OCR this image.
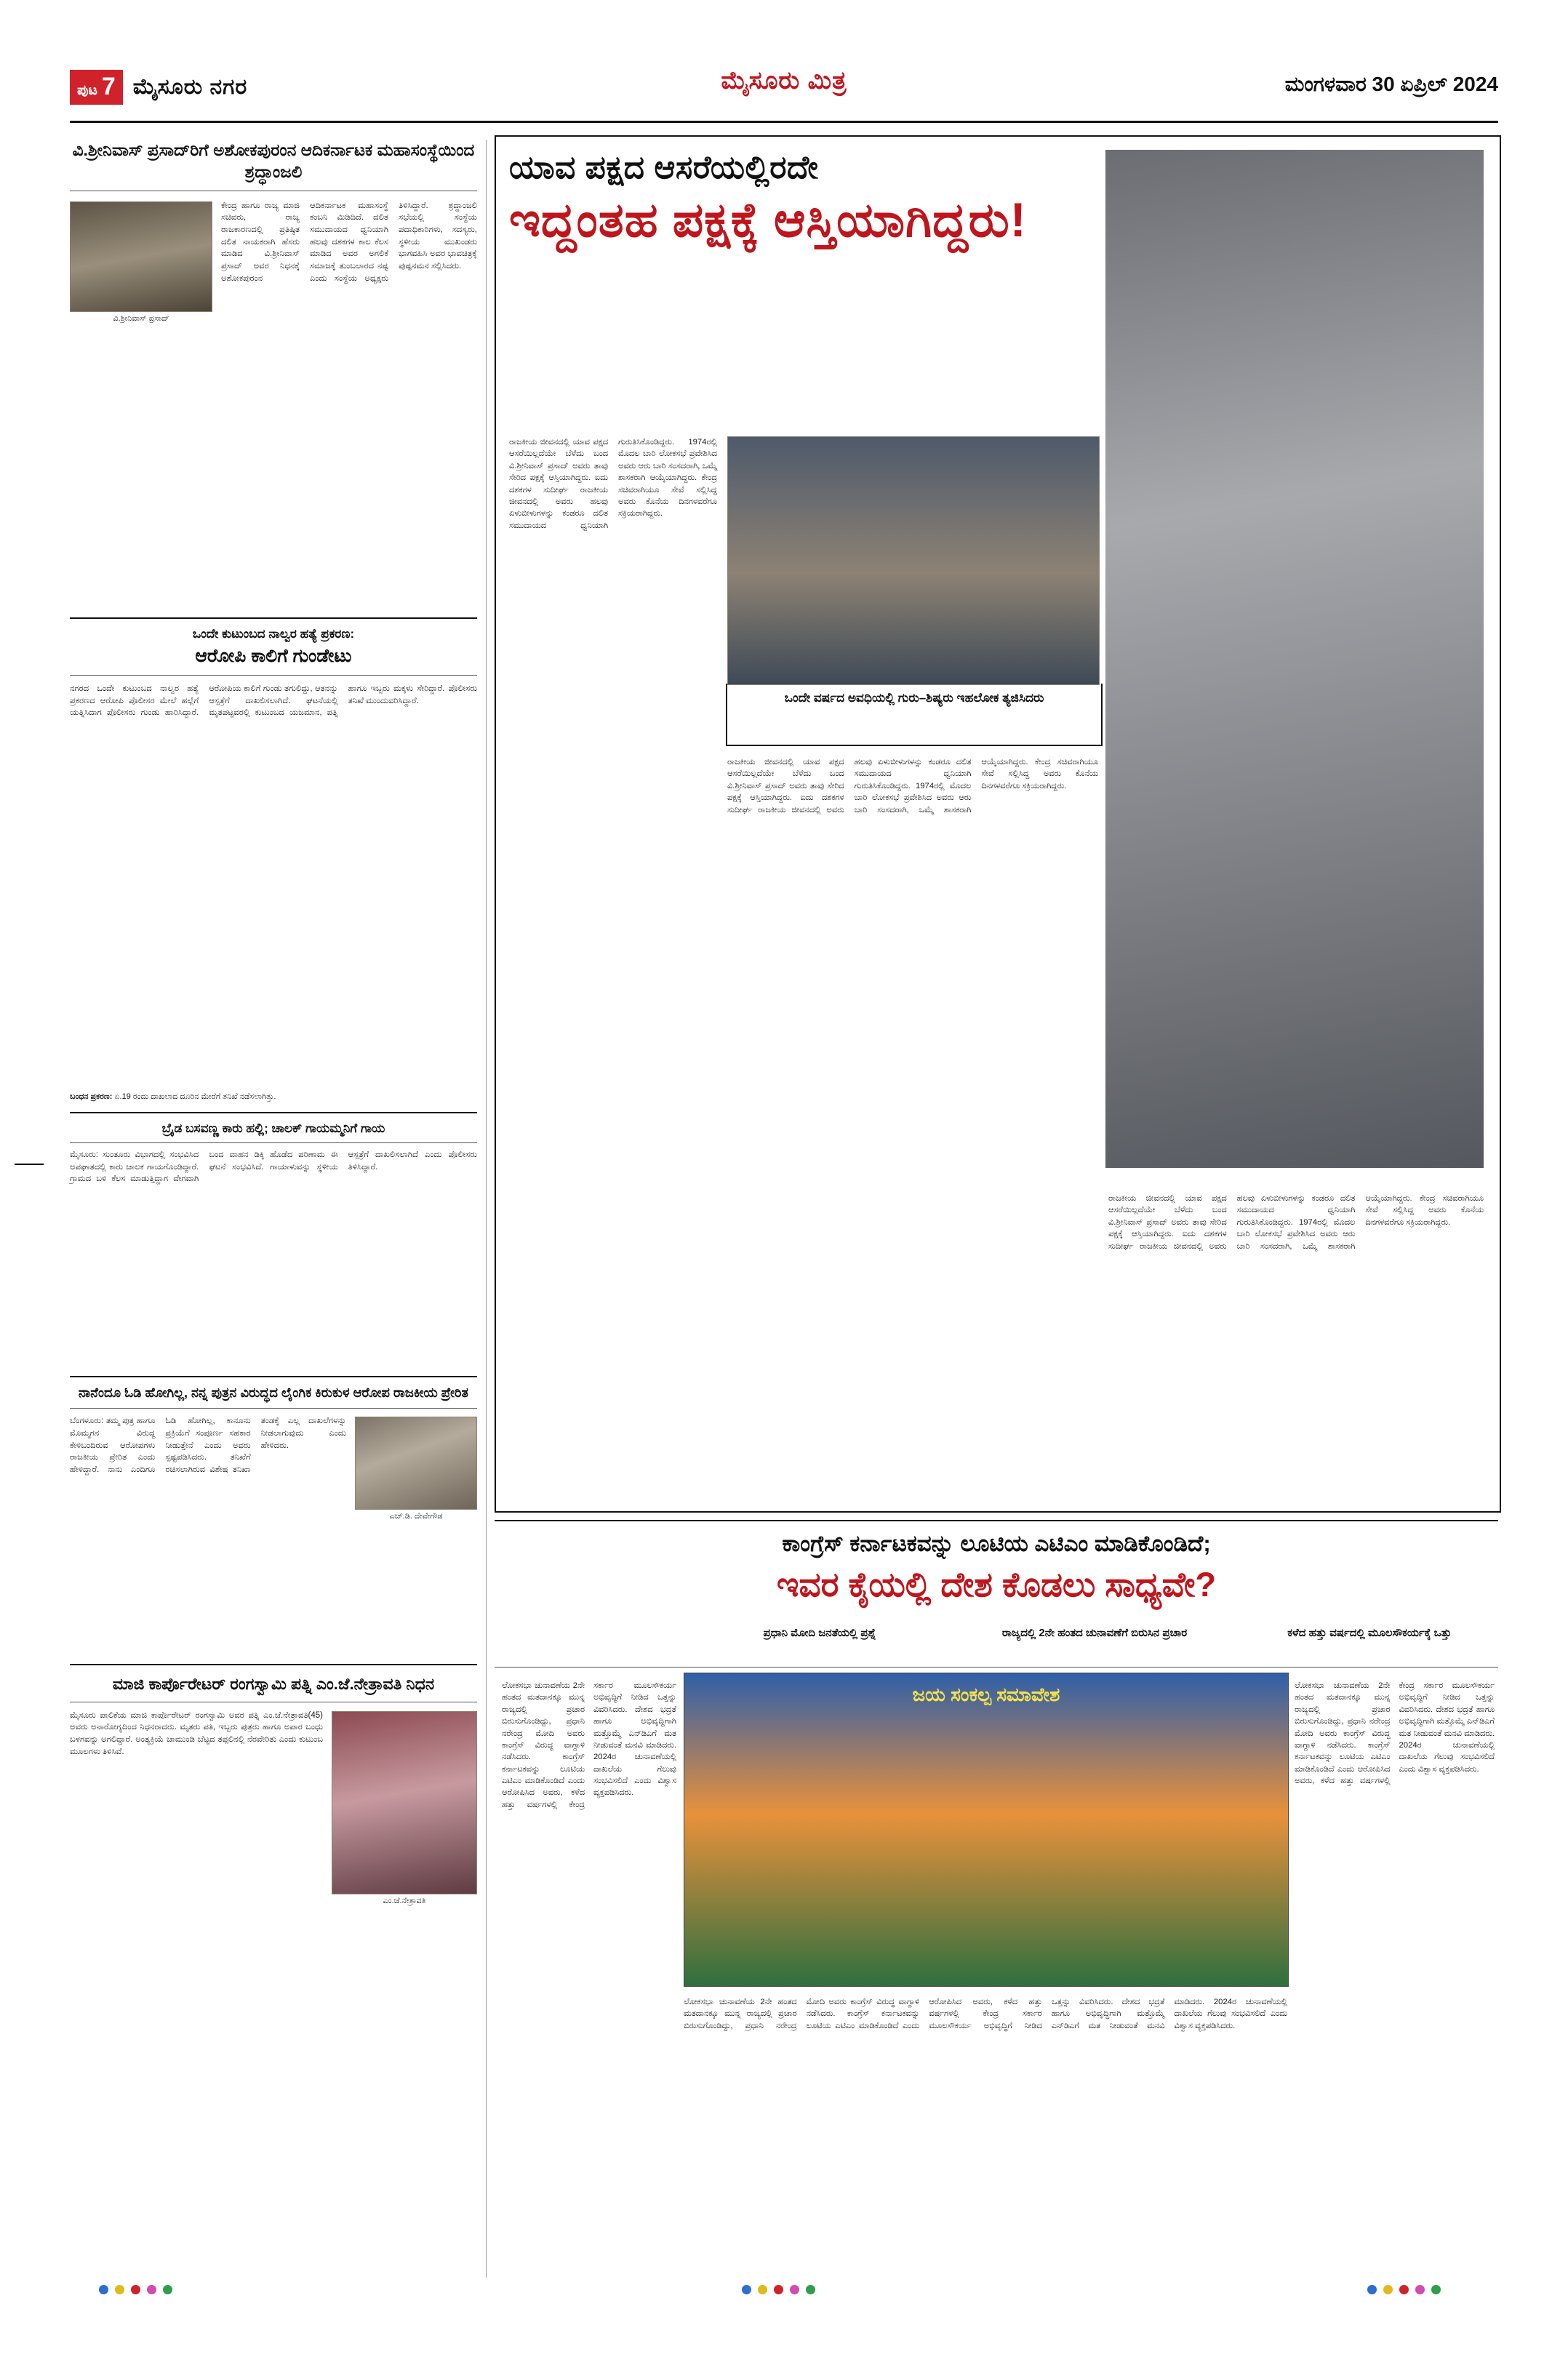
ಪುಟ 7 ಮೈಸೂರು ನಗರ	ಮೈಸೂರು ಮಿತ್ರ	ಮಂಗಳವಾರ 30 ಏಪ್ರಿಲ್ 2024
ವಿ.ಶ್ರೀನಿವಾಸ್ ಪ್ರಸಾದ್‌ರಿಗೆ ಅಶೋಕಪುರಂನ ಆದಿಕರ್ನಾಟಕ ಮಹಾಸಂಸ್ಥೆಯಿಂದ ಶ್ರದ್ಧಾಂಜಲಿ
ವಿ.ಶ್ರೀನಿವಾಸ್ ಪ್ರಸಾದ್
ಕೇಂದ್ರ ಹಾಗೂ ರಾಜ್ಯ ಮಾಜಿ ಸಚಿವರು, ರಾಜ್ಯ ರಾಜಕಾರಣದಲ್ಲಿ ಪ್ರತಿಷ್ಠಿತ ದಲಿತ ನಾಯಕರಾಗಿ ಹೆಸರು ಮಾಡಿದ ವಿ.ಶ್ರೀನಿವಾಸ್ ಪ್ರಸಾದ್ ಅವರ ನಿಧನಕ್ಕೆ ಅಶೋಕಪುರಂನ ಆದಿಕರ್ನಾಟಕ ಮಹಾಸಂಸ್ಥೆ ಕಂಬನಿ ಮಿಡಿದಿದೆ. ದಲಿತ ಸಮುದಾಯದ ಧ್ವನಿಯಾಗಿ ಹಲವು ದಶಕಗಳ ಕಾಲ ಕೆಲಸ ಮಾಡಿದ ಅವರ ಅಗಲಿಕೆ ಸಮಾಜಕ್ಕೆ ತುಂಬಲಾರದ ನಷ್ಟ ಎಂದು ಸಂಸ್ಥೆಯ ಅಧ್ಯಕ್ಷರು ತಿಳಿಸಿದ್ದಾರೆ. ಶ್ರದ್ಧಾಂಜಲಿ ಸಭೆಯಲ್ಲಿ ಸಂಸ್ಥೆಯ ಪದಾಧಿಕಾರಿಗಳು, ಸದಸ್ಯರು, ಸ್ಥಳೀಯ ಮುಖಂಡರು ಭಾಗವಹಿಸಿ ಅವರ ಭಾವಚಿತ್ರಕ್ಕೆ ಪುಷ್ಪನಮನ ಸಲ್ಲಿಸಿದರು.
ಒಂದೇ ಕುಟುಂಬದ ನಾಲ್ವರ ಹತ್ಯೆ ಪ್ರಕರಣ:
ಆರೋಪಿ ಕಾಲಿಗೆ ಗುಂಡೇಟು
ನಗರದ ಒಂದೇ ಕುಟುಂಬದ ನಾಲ್ವರ ಹತ್ಯೆ ಪ್ರಕರಣದ ಆರೋಪಿ ಪೊಲೀಸರ ಮೇಲೆ ಹಲ್ಲೆಗೆ ಯತ್ನಿಸಿದಾಗ ಪೊಲೀಸರು ಗುಂಡು ಹಾರಿಸಿದ್ದಾರೆ. ಆರೋಪಿಯ ಕಾಲಿಗೆ ಗುಂಡು ತಗುಲಿದ್ದು, ಆತನನ್ನು ಆಸ್ಪತ್ರೆಗೆ ದಾಖಲಿಸಲಾಗಿದೆ. ಘಟನೆಯಲ್ಲಿ ಮೃತಪಟ್ಟವರಲ್ಲಿ ಕುಟುಂಬದ ಯಜಮಾನ, ಪತ್ನಿ ಹಾಗೂ ಇಬ್ಬರು ಮಕ್ಕಳು ಸೇರಿದ್ದಾರೆ. ಪೊಲೀಸರು ತನಿಖೆ ಮುಂದುವರಿಸಿದ್ದಾರೆ.
ಬಂಧನ ಪ್ರಕರಣ: ಏ.19 ರಂದು ದಾಖಲಾದ ದೂರಿನ ಮೇರೆಗೆ ತನಿಖೆ ನಡೆಸಲಾಗಿತ್ತು.
ಬ್ರೈಡ ಬಸವಣ್ಣ ಕಾರು ಹಲ್ಲಿ; ಚಾಲಕ್ ಗಾಯಮ್ಮನಿಗೆ ಗಾಯ
ಮೈಸೂರು: ಸುಂತೂರು ವಿಭಾಗದಲ್ಲಿ ಸಂಭವಿಸಿದ ಅಪಘಾತದಲ್ಲಿ ಕಾರು ಚಾಲಕ ಗಾಯಗೊಂಡಿದ್ದಾರೆ. ಗ್ರಾಮದ ಬಳಿ ಕೆಲಸ ಮಾಡುತ್ತಿದ್ದಾಗ ವೇಗವಾಗಿ ಬಂದ ವಾಹನ ಡಿಕ್ಕಿ ಹೊಡೆದ ಪರಿಣಾಮ ಈ ಘಟನೆ ಸಂಭವಿಸಿದೆ. ಗಾಯಾಳುವನ್ನು ಸ್ಥಳೀಯ ಆಸ್ಪತ್ರೆಗೆ ದಾಖಲಿಸಲಾಗಿದೆ ಎಂದು ಪೊಲೀಸರು ತಿಳಿಸಿದ್ದಾರೆ.
ನಾನೆಂದೂ ಓಡಿ ಹೋಗಿಲ್ಲ, ನನ್ನ ಪುತ್ರನ ವಿರುದ್ಧದ ಲೈಂಗಿಕ ಕಿರುಕುಳ ಆರೋಪ ರಾಜಕೀಯ ಪ್ರೇರಿತ
ಎಚ್.ಡಿ. ದೇವೇಗೌಡ
ಬೆಂಗಳೂರು: ತಮ್ಮ ಪುತ್ರ ಹಾಗೂ ಮೊಮ್ಮಗನ ವಿರುದ್ಧ ಕೇಳಿಬಂದಿರುವ ಆರೋಪಗಳು ರಾಜಕೀಯ ಪ್ರೇರಿತ ಎಂದು ಹೇಳಿದ್ದಾರೆ. ನಾನು ಎಂದಿಗೂ ಓಡಿ ಹೋಗಿಲ್ಲ, ಕಾನೂನು ಪ್ರಕ್ರಿಯೆಗೆ ಸಂಪೂರ್ಣ ಸಹಕಾರ ನೀಡುತ್ತೇನೆ ಎಂದು ಅವರು ಸ್ಪಷ್ಟಪಡಿಸಿದರು. ತನಿಖೆಗೆ ರಚಿಸಲಾಗಿರುವ ವಿಶೇಷ ತನಿಖಾ ತಂಡಕ್ಕೆ ಎಲ್ಲ ದಾಖಲೆಗಳನ್ನು ನೀಡಲಾಗುವುದು ಎಂದು ಹೇಳಿದರು.
ಮಾಜಿ ಕಾರ್ಪೊರೇಟರ್ ರಂಗಸ್ವಾಮಿ ಪತ್ನಿ ಎಂ.ಜೆ.ನೇತ್ರಾವತಿ ನಿಧನ
ಎಂ.ಜೆ.ನೇತ್ರಾವತಿ
ಮೈಸೂರು ಪಾಲಿಕೆಯ ಮಾಜಿ ಕಾರ್ಪೊರೇಟರ್ ರಂಗಸ್ವಾಮಿ ಅವರ ಪತ್ನಿ ಎಂ.ಜೆ.ನೇತ್ರಾವತಿ(45) ಅವರು ಅನಾರೋಗ್ಯದಿಂದ ನಿಧನರಾದರು. ಮೃತರು ಪತಿ, ಇಬ್ಬರು ಪುತ್ರರು ಹಾಗೂ ಅಪಾರ ಬಂಧು ಬಳಗವನ್ನು ಅಗಲಿದ್ದಾರೆ. ಅಂತ್ಯಕ್ರಿಯೆ ಚಾಮುಂಡಿ ಬೆಟ್ಟದ ತಪ್ಪಲಿನಲ್ಲಿ ನೆರವೇರಿತು ಎಂದು ಕುಟುಂಬ ಮೂಲಗಳು ತಿಳಿಸಿವೆ.
ಯಾವ ಪಕ್ಷದ ಆಸರೆಯಲ್ಲಿರದೇ
ಇದ್ದಂತಹ ಪಕ್ಷಕ್ಕೆ ಆಸ್ತಿಯಾಗಿದ್ದರು!
ಒಂದೇ ವರ್ಷದ ಅವಧಿಯಲ್ಲಿ ಗುರು–ಶಿಷ್ಯರು ಇಹಲೋಕ ತ್ಯಜಿಸಿದರು
ರಾಜಕೀಯ ಜೀವನದಲ್ಲಿ ಯಾವ ಪಕ್ಷದ ಆಸರೆಯಿಲ್ಲದೆಯೇ ಬೆಳೆದು ಬಂದ ವಿ.ಶ್ರೀನಿವಾಸ್ ಪ್ರಸಾದ್ ಅವರು ತಾವು ಸೇರಿದ ಪಕ್ಷಕ್ಕೆ ಆಸ್ತಿಯಾಗಿದ್ದರು. ಐದು ದಶಕಗಳ ಸುದೀರ್ಘ ರಾಜಕೀಯ ಜೀವನದಲ್ಲಿ ಅವರು ಹಲವು ಏಳುಬೀಳುಗಳನ್ನು ಕಂಡರೂ ದಲಿತ ಸಮುದಾಯದ ಧ್ವನಿಯಾಗಿ ಗುರುತಿಸಿಕೊಂಡಿದ್ದರು. 1974ರಲ್ಲಿ ಮೊದಲ ಬಾರಿ ಲೋಕಸಭೆ ಪ್ರವೇಶಿಸಿದ ಅವರು ಆರು ಬಾರಿ ಸಂಸದರಾಗಿ, ಒಮ್ಮೆ ಶಾಸಕರಾಗಿ ಆಯ್ಕೆಯಾಗಿದ್ದರು. ಕೇಂದ್ರ ಸಚಿವರಾಗಿಯೂ ಸೇವೆ ಸಲ್ಲಿಸಿದ್ದ ಅವರು ಕೊನೆಯ ದಿನಗಳವರೆಗೂ ಸಕ್ರಿಯರಾಗಿದ್ದರು.
ರಾಜಕೀಯ ಜೀವನದಲ್ಲಿ ಯಾವ ಪಕ್ಷದ ಆಸರೆಯಿಲ್ಲದೆಯೇ ಬೆಳೆದು ಬಂದ ವಿ.ಶ್ರೀನಿವಾಸ್ ಪ್ರಸಾದ್ ಅವರು ತಾವು ಸೇರಿದ ಪಕ್ಷಕ್ಕೆ ಆಸ್ತಿಯಾಗಿದ್ದರು. ಐದು ದಶಕಗಳ ಸುದೀರ್ಘ ರಾಜಕೀಯ ಜೀವನದಲ್ಲಿ ಅವರು ಹಲವು ಏಳುಬೀಳುಗಳನ್ನು ಕಂಡರೂ ದಲಿತ ಸಮುದಾಯದ ಧ್ವನಿಯಾಗಿ ಗುರುತಿಸಿಕೊಂಡಿದ್ದರು. 1974ರಲ್ಲಿ ಮೊದಲ ಬಾರಿ ಲೋಕಸಭೆ ಪ್ರವೇಶಿಸಿದ ಅವರು ಆರು ಬಾರಿ ಸಂಸದರಾಗಿ, ಒಮ್ಮೆ ಶಾಸಕರಾಗಿ ಆಯ್ಕೆಯಾಗಿದ್ದರು. ಕೇಂದ್ರ ಸಚಿವರಾಗಿಯೂ ಸೇವೆ ಸಲ್ಲಿಸಿದ್ದ ಅವರು ಕೊನೆಯ ದಿನಗಳವರೆಗೂ ಸಕ್ರಿಯರಾಗಿದ್ದರು.
ರಾಜಕೀಯ ಜೀವನದಲ್ಲಿ ಯಾವ ಪಕ್ಷದ ಆಸರೆಯಿಲ್ಲದೆಯೇ ಬೆಳೆದು ಬಂದ ವಿ.ಶ್ರೀನಿವಾಸ್ ಪ್ರಸಾದ್ ಅವರು ತಾವು ಸೇರಿದ ಪಕ್ಷಕ್ಕೆ ಆಸ್ತಿಯಾಗಿದ್ದರು. ಐದು ದಶಕಗಳ ಸುದೀರ್ಘ ರಾಜಕೀಯ ಜೀವನದಲ್ಲಿ ಅವರು ಹಲವು ಏಳುಬೀಳುಗಳನ್ನು ಕಂಡರೂ ದಲಿತ ಸಮುದಾಯದ ಧ್ವನಿಯಾಗಿ ಗುರುತಿಸಿಕೊಂಡಿದ್ದರು. 1974ರಲ್ಲಿ ಮೊದಲ ಬಾರಿ ಲೋಕಸಭೆ ಪ್ರವೇಶಿಸಿದ ಅವರು ಆರು ಬಾರಿ ಸಂಸದರಾಗಿ, ಒಮ್ಮೆ ಶಾಸಕರಾಗಿ ಆಯ್ಕೆಯಾಗಿದ್ದರು. ಕೇಂದ್ರ ಸಚಿವರಾಗಿಯೂ ಸೇವೆ ಸಲ್ಲಿಸಿದ್ದ ಅವರು ಕೊನೆಯ ದಿನಗಳವರೆಗೂ ಸಕ್ರಿಯರಾಗಿದ್ದರು.
ಕಾಂಗ್ರೆಸ್ ಕರ್ನಾಟಕವನ್ನು ಲೂಟಿಯ ಎಟಿಎಂ ಮಾಡಿಕೊಂಡಿದೆ;
ಇವರ ಕೈಯಲ್ಲಿ ದೇಶ ಕೊಡಲು ಸಾಧ್ಯವೇ?
ಪ್ರಧಾನಿ ಮೋದಿ ಜನತೆಯಲ್ಲಿ ಪ್ರಶ್ನೆ	ರಾಜ್ಯದಲ್ಲಿ 2ನೇ ಹಂತದ ಚುನಾವಣೆಗೆ ಬಿರುಸಿನ ಪ್ರಚಾರ	ಕಳೆದ ಹತ್ತು ವರ್ಷದಲ್ಲಿ ಮೂಲಸೌಕರ್ಯಕ್ಕೆ ಒತ್ತು
ಜಯ ಸಂಕಲ್ಪ ಸಮಾವೇಶ
ಲೋಕಸಭಾ ಚುನಾವಣೆಯ 2ನೇ ಹಂತದ ಮತದಾನಕ್ಕೂ ಮುನ್ನ ರಾಜ್ಯದಲ್ಲಿ ಪ್ರಚಾರ ಬಿರುಸುಗೊಂಡಿದ್ದು, ಪ್ರಧಾನಿ ನರೇಂದ್ರ ಮೋದಿ ಅವರು ಕಾಂಗ್ರೆಸ್ ವಿರುದ್ಧ ವಾಗ್ದಾಳಿ ನಡೆಸಿದರು. ಕಾಂಗ್ರೆಸ್ ಕರ್ನಾಟಕವನ್ನು ಲೂಟಿಯ ಎಟಿಎಂ ಮಾಡಿಕೊಂಡಿದೆ ಎಂದು ಆರೋಪಿಸಿದ ಅವರು, ಕಳೆದ ಹತ್ತು ವರ್ಷಗಳಲ್ಲಿ ಕೇಂದ್ರ ಸರ್ಕಾರ ಮೂಲಸೌಕರ್ಯ ಅಭಿವೃದ್ಧಿಗೆ ನೀಡಿದ ಒತ್ತನ್ನು ವಿವರಿಸಿದರು. ದೇಶದ ಭದ್ರತೆ ಹಾಗೂ ಅಭಿವೃದ್ಧಿಗಾಗಿ ಮತ್ತೊಮ್ಮೆ ಎನ್‌ಡಿಎಗೆ ಮತ ನೀಡುವಂತೆ ಮನವಿ ಮಾಡಿದರು. 2024ರ ಚುನಾವಣೆಯಲ್ಲಿ ದಾಖಲೆಯ ಗೆಲುವು ಸಂಭವಿಸಲಿದೆ ಎಂದು ವಿಶ್ವಾಸ ವ್ಯಕ್ತಪಡಿಸಿದರು.
ಲೋಕಸಭಾ ಚುನಾವಣೆಯ 2ನೇ ಹಂತದ ಮತದಾನಕ್ಕೂ ಮುನ್ನ ರಾಜ್ಯದಲ್ಲಿ ಪ್ರಚಾರ ಬಿರುಸುಗೊಂಡಿದ್ದು, ಪ್ರಧಾನಿ ನರೇಂದ್ರ ಮೋದಿ ಅವರು ಕಾಂಗ್ರೆಸ್ ವಿರುದ್ಧ ವಾಗ್ದಾಳಿ ನಡೆಸಿದರು. ಕಾಂಗ್ರೆಸ್ ಕರ್ನಾಟಕವನ್ನು ಲೂಟಿಯ ಎಟಿಎಂ ಮಾಡಿಕೊಂಡಿದೆ ಎಂದು ಆರೋಪಿಸಿದ ಅವರು, ಕಳೆದ ಹತ್ತು ವರ್ಷಗಳಲ್ಲಿ ಕೇಂದ್ರ ಸರ್ಕಾರ ಮೂಲಸೌಕರ್ಯ ಅಭಿವೃದ್ಧಿಗೆ ನೀಡಿದ ಒತ್ತನ್ನು ವಿವರಿಸಿದರು. ದೇಶದ ಭದ್ರತೆ ಹಾಗೂ ಅಭಿವೃದ್ಧಿಗಾಗಿ ಮತ್ತೊಮ್ಮೆ ಎನ್‌ಡಿಎಗೆ ಮತ ನೀಡುವಂತೆ ಮನವಿ ಮಾಡಿದರು. 2024ರ ಚುನಾವಣೆಯಲ್ಲಿ ದಾಖಲೆಯ ಗೆಲುವು ಸಂಭವಿಸಲಿದೆ ಎಂದು ವಿಶ್ವಾಸ ವ್ಯಕ್ತಪಡಿಸಿದರು.
ಲೋಕಸಭಾ ಚುನಾವಣೆಯ 2ನೇ ಹಂತದ ಮತದಾನಕ್ಕೂ ಮುನ್ನ ರಾಜ್ಯದಲ್ಲಿ ಪ್ರಚಾರ ಬಿರುಸುಗೊಂಡಿದ್ದು, ಪ್ರಧಾನಿ ನರೇಂದ್ರ ಮೋದಿ ಅವರು ಕಾಂಗ್ರೆಸ್ ವಿರುದ್ಧ ವಾಗ್ದಾಳಿ ನಡೆಸಿದರು. ಕಾಂಗ್ರೆಸ್ ಕರ್ನಾಟಕವನ್ನು ಲೂಟಿಯ ಎಟಿಎಂ ಮಾಡಿಕೊಂಡಿದೆ ಎಂದು ಆರೋಪಿಸಿದ ಅವರು, ಕಳೆದ ಹತ್ತು ವರ್ಷಗಳಲ್ಲಿ ಕೇಂದ್ರ ಸರ್ಕಾರ ಮೂಲಸೌಕರ್ಯ ಅಭಿವೃದ್ಧಿಗೆ ನೀಡಿದ ಒತ್ತನ್ನು ವಿವರಿಸಿದರು. ದೇಶದ ಭದ್ರತೆ ಹಾಗೂ ಅಭಿವೃದ್ಧಿಗಾಗಿ ಮತ್ತೊಮ್ಮೆ ಎನ್‌ಡಿಎಗೆ ಮತ ನೀಡುವಂತೆ ಮನವಿ ಮಾಡಿದರು. 2024ರ ಚುನಾವಣೆಯಲ್ಲಿ ದಾಖಲೆಯ ಗೆಲುವು ಸಂಭವಿಸಲಿದೆ ಎಂದು ವಿಶ್ವಾಸ ವ್ಯಕ್ತಪಡಿಸಿದರು.
